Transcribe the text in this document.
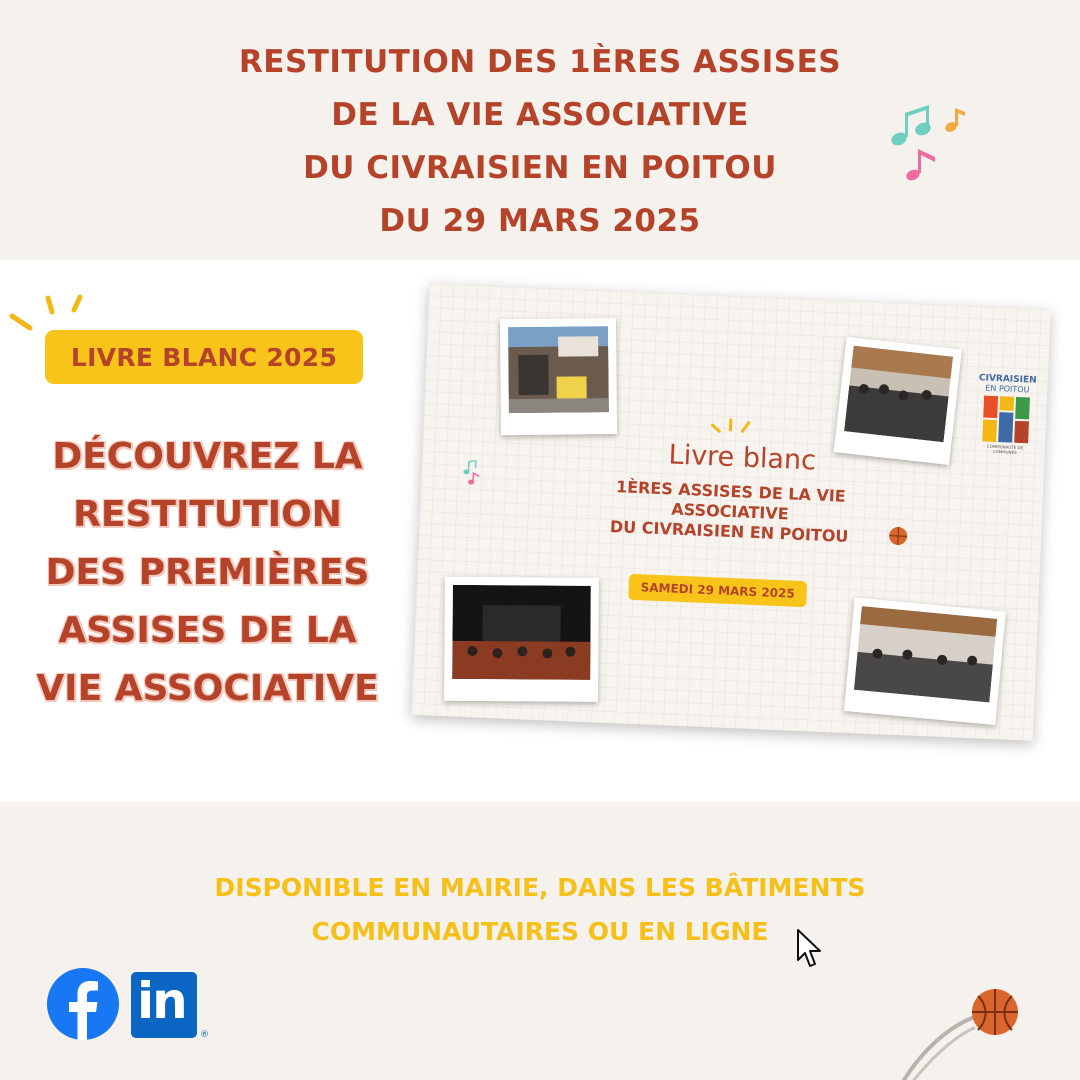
RESTITUTION DES 1ÈRES ASSISES
DE LA VIE ASSOCIATIVE
DU CIVRAISIEN EN POITOU
DU 29 MARS 2025
LIVRE BLANC 2025
DÉCOUVREZ LA
RESTITUTION
DES PREMIÈRES
ASSISES DE LA
VIE ASSOCIATIVE
Livre blanc
1ÈRES ASSISES DE LA VIE
ASSOCIATIVE
DU CIVRAISIEN EN POITOU
SAMEDI 29 MARS 2025
CIVRAISIEN
EN POITOU
COMMUNAUTÉ DE COMMUNES
DISPONIBLE EN MAIRIE, DANS LES BÂTIMENTS
COMMUNAUTAIRES OU EN LIGNE
in
®
